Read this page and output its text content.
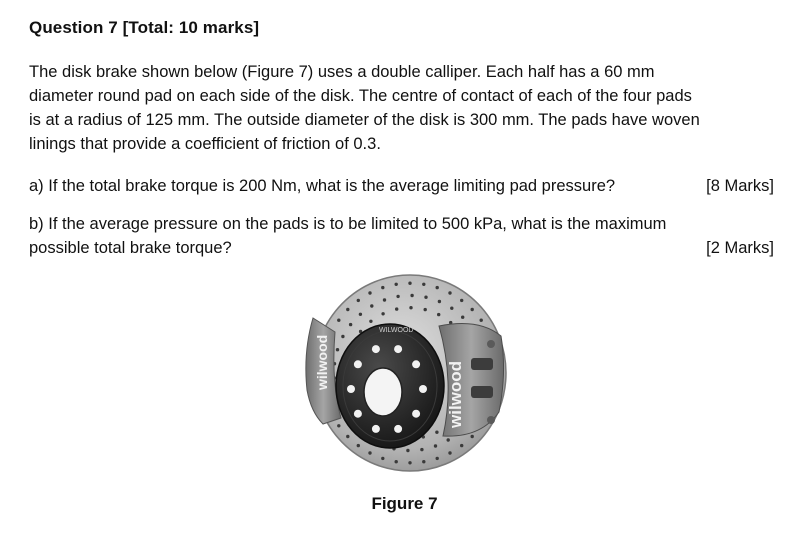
Question 7 [Total: 10 marks]

The disk brake shown below (Figure 7) uses a double calliper. Each half has a 60 mm
diameter round pad on each side of the disk. The centre of contact of each of the four pads
is at a radius of 125 mm. The outside diameter of the disk is 300 mm. The pads have woven
linings that provide a coefficient of friction of 0.3.

a) If the total brake torque is 200 Nm, what is the average limiting pad pressure?	[8 Marks]
b) If the average pressure on the pads is to be limited to 500 kPa, what is the maximum
possible total brake torque?	[2 Marks]
wilwood	wilwood
WILWOOD
Figure 7
